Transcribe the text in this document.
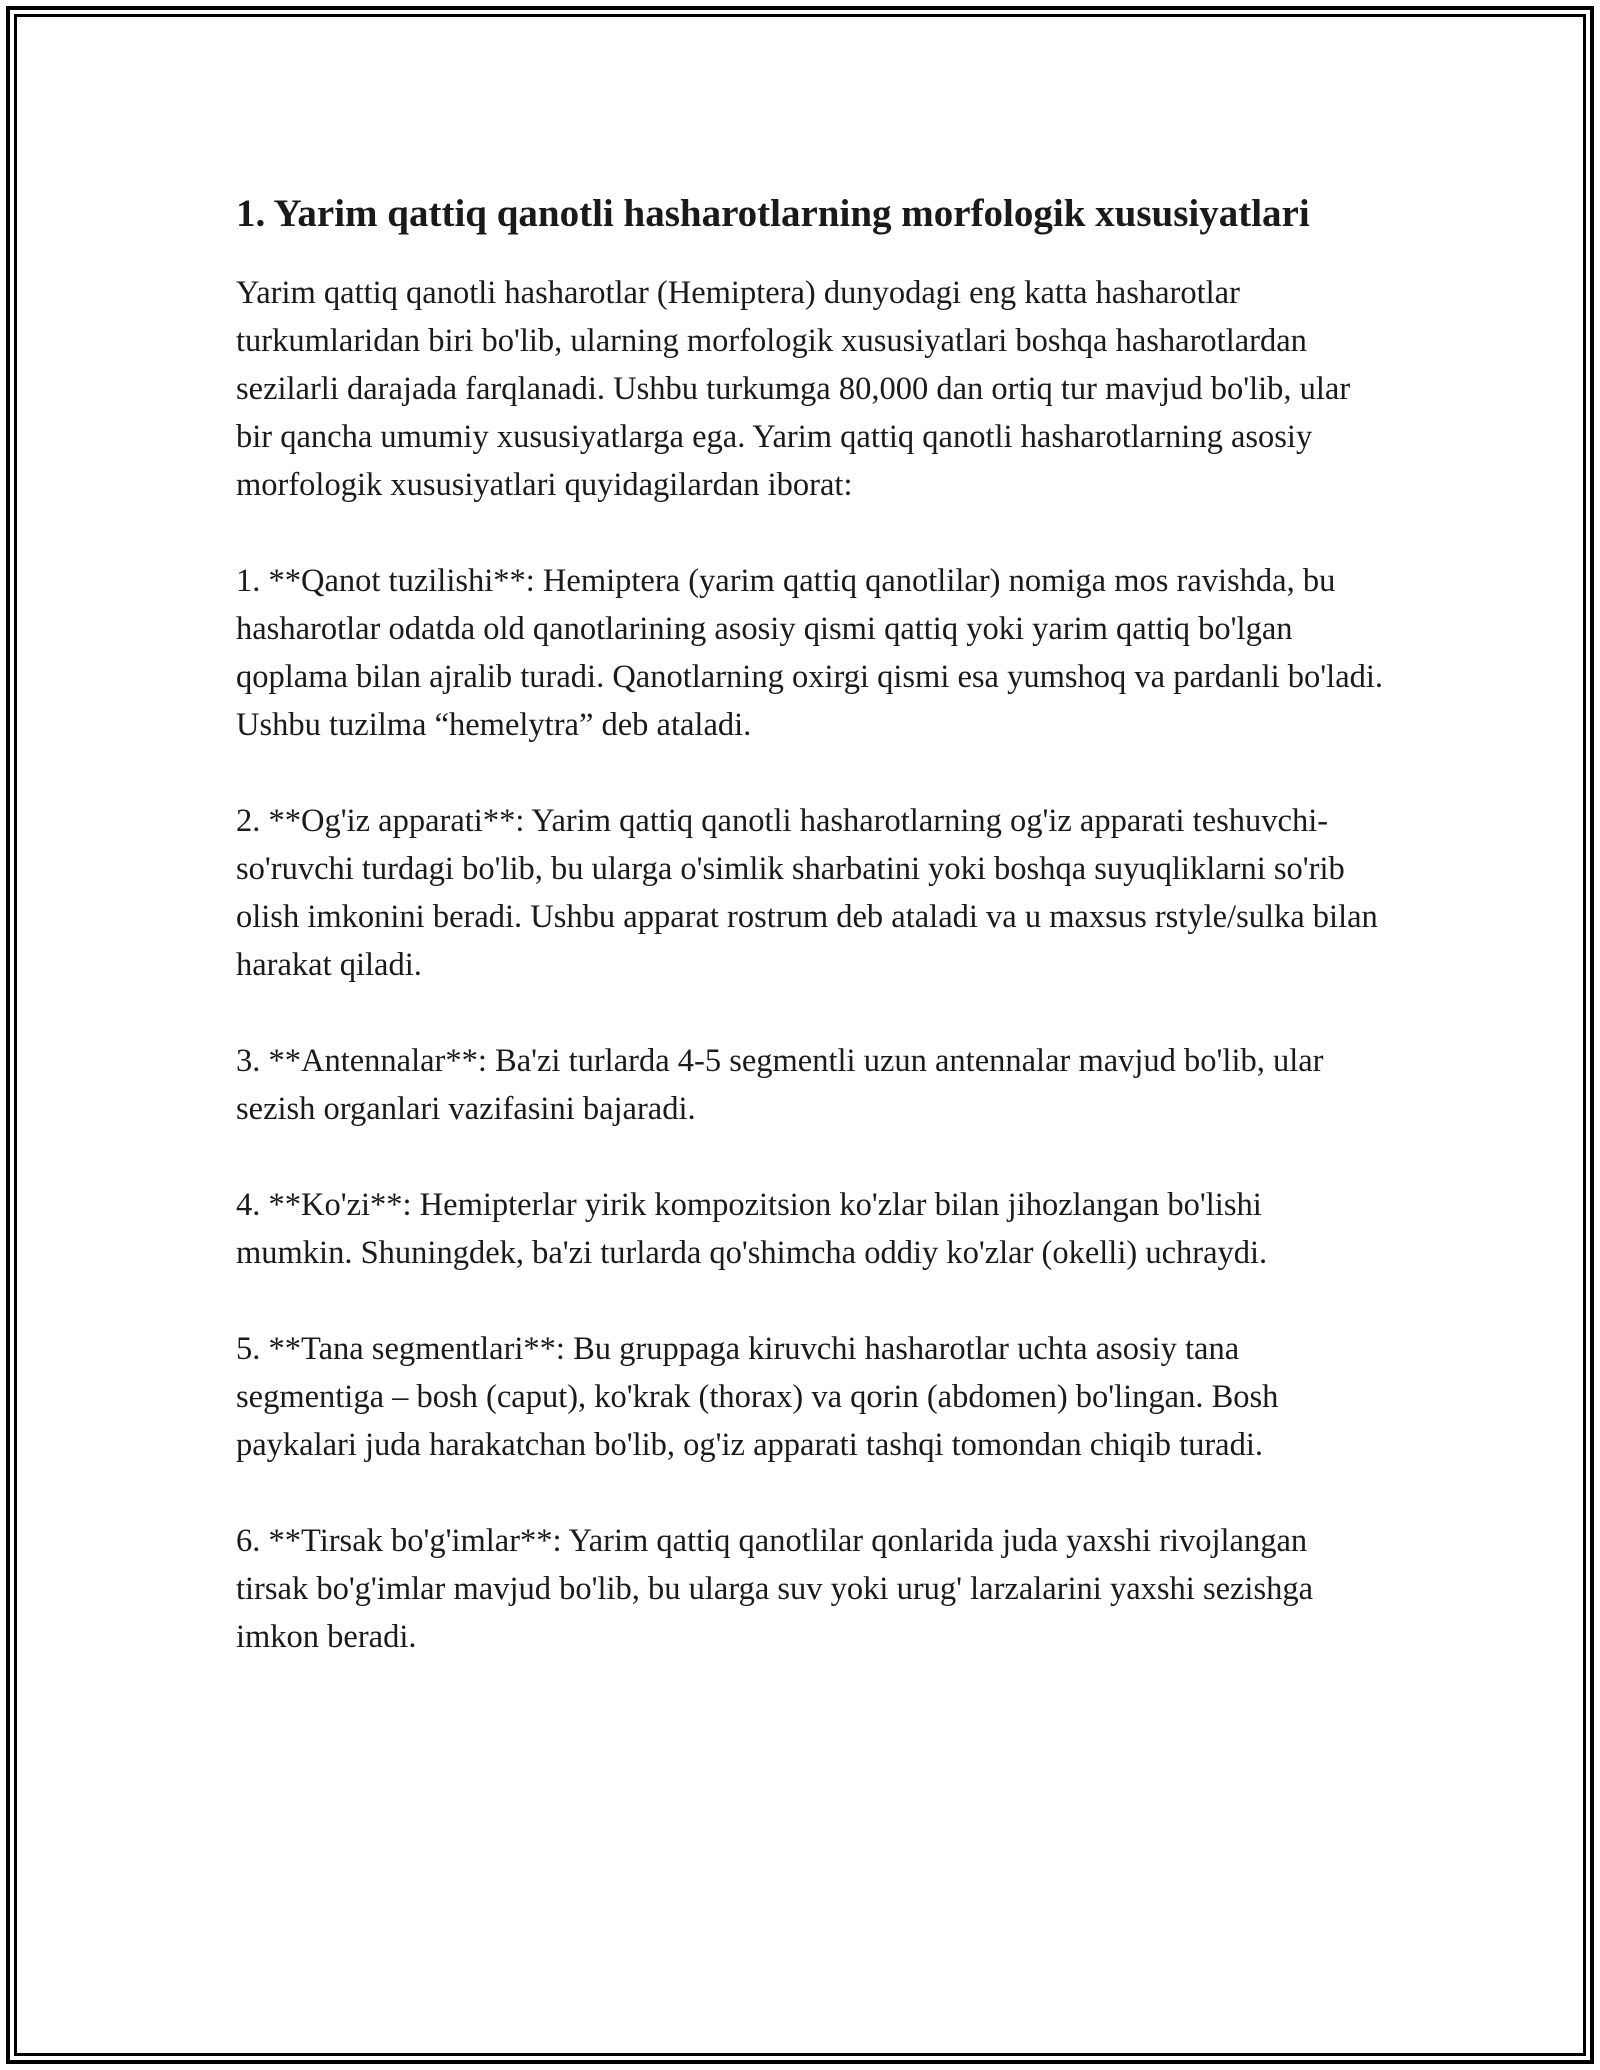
1. Yarim qattiq qanotli hasharotlarning morfologik xususiyatlari

Yarim qattiq qanotli hasharotlar (Hemiptera) dunyodagi eng katta hasharotlar turkumlaridan biri bo'lib, ularning morfologik xususiyatlari boshqa hasharotlardan sezilarli darajada farqlanadi. Ushbu turkumga 80,000 dan ortiq tur mavjud bo'lib, ular bir qancha umumiy xususiyatlarga ega. Yarim qattiq qanotli hasharotlarning asosiy morfologik xususiyatlari quyidagilardan iborat:

1. **Qanot tuzilishi**: Hemiptera (yarim qattiq qanotlilar) nomiga mos ravishda, bu hasharotlar odatda old qanotlarining asosiy qismi qattiq yoki yarim qattiq bo'lgan qoplama bilan ajralib turadi. Qanotlarning oxirgi qismi esa yumshoq va pardanli bo'ladi. Ushbu tuzilma “hemelytra” deb ataladi.

2. **Og'iz apparati**: Yarim qattiq qanotli hasharotlarning og'iz apparati teshuvchi-so'ruvchi turdagi bo'lib, bu ularga o'simlik sharbatini yoki boshqa suyuqliklarni so'rib olish imkonini beradi. Ushbu apparat rostrum deb ataladi va u maxsus rstyle/sulka bilan harakat qiladi.

3. **Antennalar**: Ba'zi turlarda 4-5 segmentli uzun antennalar mavjud bo'lib, ular sezish organlari vazifasini bajaradi.

4. **Ko'zi**: Hemipterlar yirik kompozitsion ko'zlar bilan jihozlangan bo'lishi mumkin. Shuningdek, ba'zi turlarda qo'shimcha oddiy ko'zlar (okelli) uchraydi.

5. **Tana segmentlari**: Bu gruppaga kiruvchi hasharotlar uchta asosiy tana segmentiga – bosh (caput), ko'krak (thorax) va qorin (abdomen) bo'lingan. Bosh paykalari juda harakatchan bo'lib, og'iz apparati tashqi tomondan chiqib turadi.

6. **Tirsak bo'g'imlar**: Yarim qattiq qanotlilar qonlarida juda yaxshi rivojlangan tirsak bo'g'imlar mavjud bo'lib, bu ularga suv yoki urug' larzalarini yaxshi sezishga imkon beradi.
